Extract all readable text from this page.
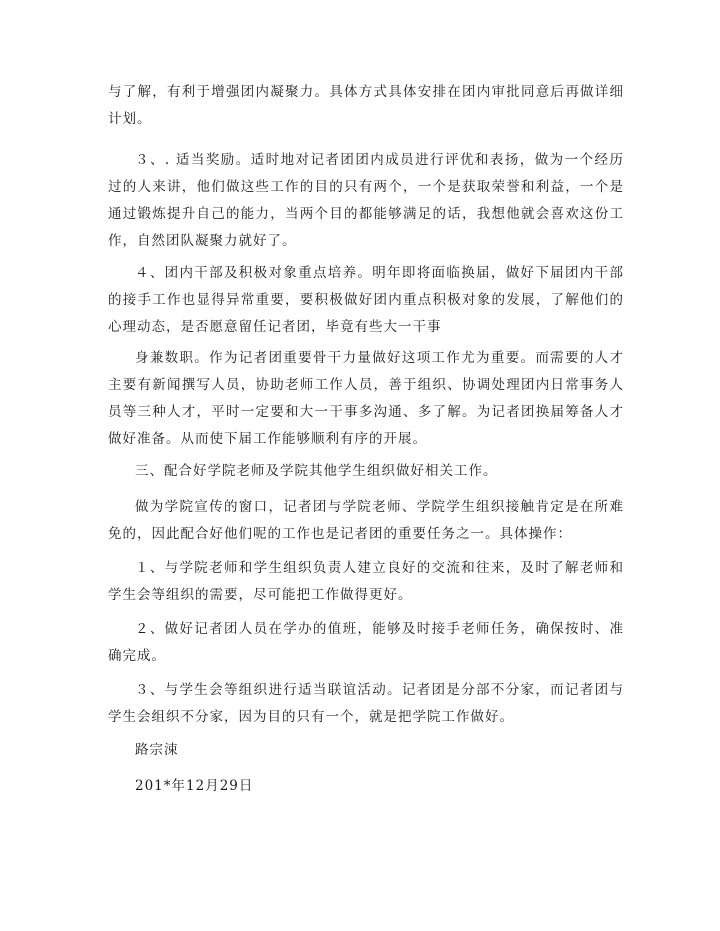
与了解，有利于增强团内凝聚力。具体方式具体安排在团内审批同意后再做详细计划。

３、. 适当奖励。适时地对记者团团内成员进行评优和表扬，做为一个经历过的人来讲，他们做这些工作的目的只有两个，一个是获取荣誉和利益，一个是通过锻炼提升自己的能力，当两个目的都能够满足的话，我想他就会喜欢这份工作，自然团队凝聚力就好了。

４、团内干部及积极对象重点培养。明年即将面临换届，做好下届团内干部的接手工作也显得异常重要，要积极做好团内重点积极对象的发展，了解他们的心理动态，是否愿意留任记者团，毕竟有些大一干事

身兼数职。作为记者团重要骨干力量做好这项工作尤为重要。而需要的人才主要有新闻撰写人员，协助老师工作人员，善于组织、协调处理团内日常事务人员等三种人才，平时一定要和大一干事多沟通、多了解。为记者团换届筹备人才做好准备。从而使下届工作能够顺利有序的开展。

三、配合好学院老师及学院其他学生组织做好相关工作。

做为学院宣传的窗口，记者团与学院老师、学院学生组织接触肯定是在所难免的，因此配合好他们呢的工作也是记者团的重要任务之一。具体操作：

１、与学院老师和学生组织负责人建立良好的交流和往来，及时了解老师和学生会等组织的需要，尽可能把工作做得更好。

２、做好记者团人员在学办的值班，能够及时接手老师任务，确保按时、准确完成。

３、与学生会等组织进行适当联谊活动。记者团是分部不分家，而记者团与学生会组织不分家，因为目的只有一个，就是把学院工作做好。

路宗涑

201*年12月29日
